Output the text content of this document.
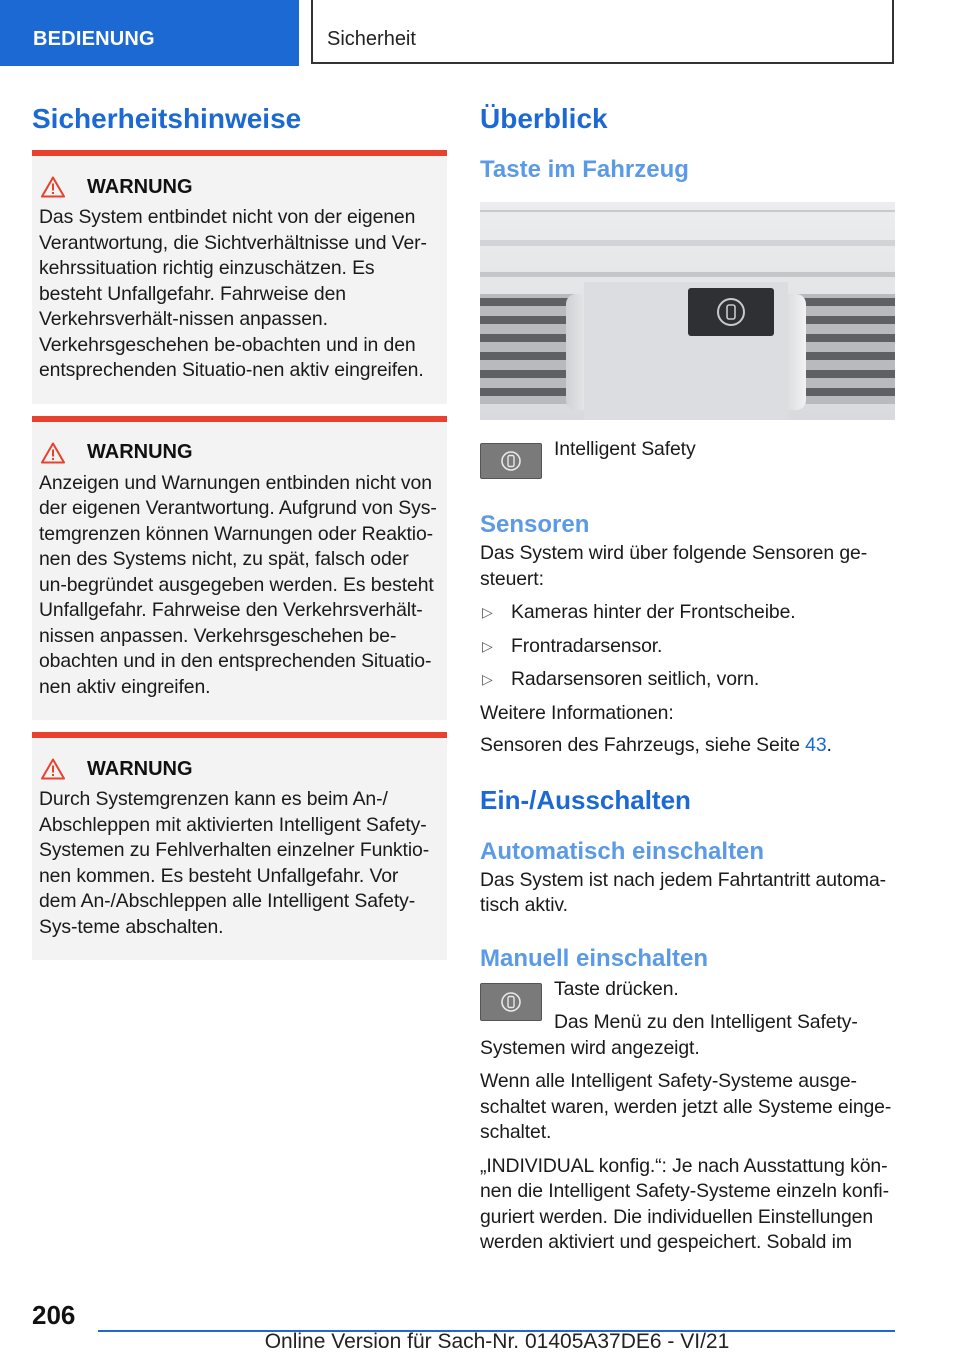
BEDIENUNG	Sicherheit
Sicherheitshinweise
WARNUNG

Das System entbindet nicht von der eigenen Verantwortung, die Sichtverhältnisse und Ver-kehrssituation richtig einzuschätzen. Es besteht Unfallgefahr. Fahrweise den Verkehrsverhält-nissen anpassen. Verkehrsgeschehen be-obachten und in den entsprechenden Situatio-nen aktiv eingreifen.

WARNUNG

Anzeigen und Warnungen entbinden nicht von der eigenen Verantwortung. Aufgrund von Sys-temgrenzen können Warnungen oder Reaktio-nen des Systems nicht, zu spät, falsch oder un-begründet ausgegeben werden. Es besteht Unfallgefahr. Fahrweise den Verkehrsverhält-nissen anpassen. Verkehrsgeschehen be-obachten und in den entsprechenden Situatio-nen aktiv eingreifen.

WARNUNG

Durch Systemgrenzen kann es beim An-/ Abschleppen mit aktivierten Intelligent Safety-Systemen zu Fehlverhalten einzelner Funktio-nen kommen. Es besteht Unfallgefahr. Vor dem An-/Abschleppen alle Intelligent Safety-Sys-teme abschalten.

Überblick
Taste im Fahrzeug

Intelligent Safety

Sensoren

Das System wird über folgende Sensoren ge-steuert:

▷ Kameras hinter der Frontscheibe.

▷ Frontradarsensor.

▷ Radarsensoren seitlich, vorn.

Weitere Informationen:

Sensoren des Fahrzeugs, siehe Seite 43.

Ein-/Ausschalten
Automatisch einschalten

Das System ist nach jedem Fahrtantritt automa-tisch aktiv.

Manuell einschalten

Taste drücken.

Das Menü zu den Intelligent Safety-

Systemen wird angezeigt.

Wenn alle Intelligent Safety-Systeme ausge-schaltet waren, werden jetzt alle Systeme einge-schaltet.

„INDIVIDUAL konfig.“: Je nach Ausstattung kön-nen die Intelligent Safety-Systeme einzeln konfi-guriert werden. Die individuellen Einstellungen werden aktiviert und gespeichert. Sobald im

206
Online Version für Sach-Nr. 01405A37DE6 - VI/21
